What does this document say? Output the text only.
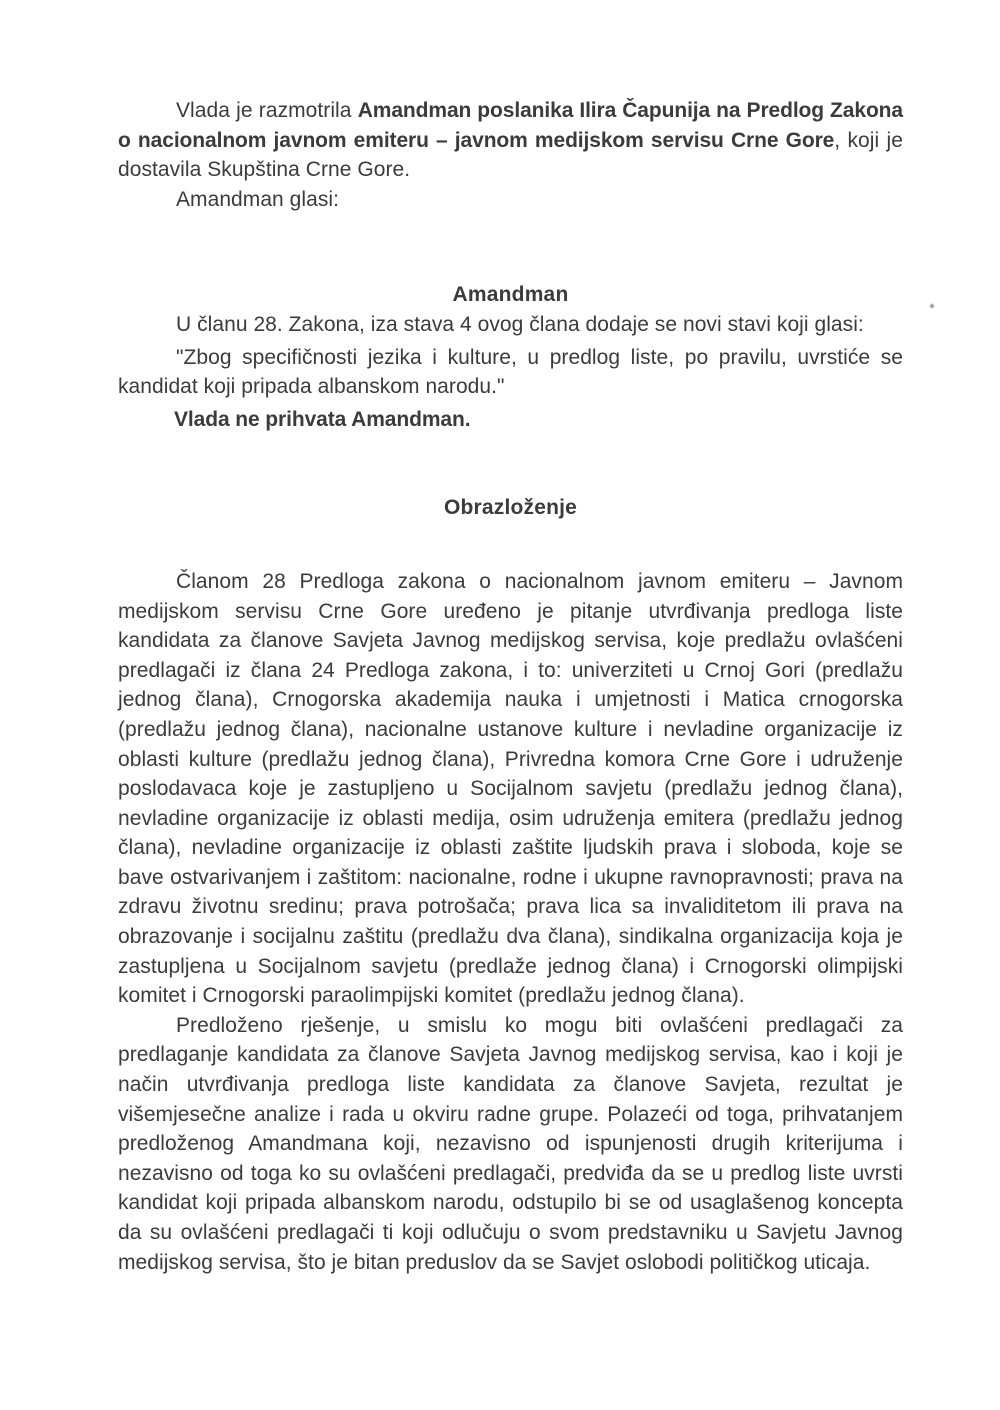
Vlada je razmotrila Amandman poslanika Ilira Čapunija na Predlog Zakona o nacionalnom javnom emiteru – javnom medijskom servisu Crne Gore, koji je dostavila Skupština Crne Gore.

Amandman glasi:

Amandman

U članu 28. Zakona, iza stava 4 ovog člana dodaje se novi stavi koji glasi:

"Zbog specifičnosti jezika i kulture, u predlog liste, po pravilu, uvrstiće se kandidat koji pripada albanskom narodu."

Vlada ne prihvata Amandman.

Obrazloženje

Članom 28 Predloga zakona o nacionalnom javnom emiteru – Javnom medijskom servisu Crne Gore uređeno je pitanje utvrđivanja predloga liste kandidata za članove Savjeta Javnog medijskog servisa, koje predlažu ovlašćeni predlagači iz člana 24 Predloga zakona, i to: univerziteti u Crnoj Gori (predlažu jednog člana), Crnogorska akademija nauka i umjetnosti i Matica crnogorska (predlažu jednog člana), nacionalne ustanove kulture i nevladine organizacije iz oblasti kulture (predlažu jednog člana), Privredna komora Crne Gore i udruženje poslodavaca koje je zastupljeno u Socijalnom savjetu (predlažu jednog člana), nevladine organizacije iz oblasti medija, osim udruženja emitera (predlažu jednog člana), nevladine organizacije iz oblasti zaštite ljudskih prava i sloboda, koje se bave ostvarivanjem i zaštitom: nacionalne, rodne i ukupne ravnopravnosti; prava na zdravu životnu sredinu; prava potrošača; prava lica sa invaliditetom ili prava na obrazovanje i socijalnu zaštitu (predlažu dva člana), sindikalna organizacija koja je zastupljena u Socijalnom savjetu (predlaže jednog člana) i Crnogorski olimpijski komitet i Crnogorski paraolimpijski komitet (predlažu jednog člana).

Predloženo rješenje, u smislu ko mogu biti ovlašćeni predlagači za predlaganje kandidata za članove Savjeta Javnog medijskog servisa, kao i koji je način utvrđivanja predloga liste kandidata za članove Savjeta, rezultat je višemjesečne analize i rada u okviru radne grupe. Polazeći od toga, prihvatanjem predloženog Amandmana koji, nezavisno od ispunjenosti drugih kriterijuma i nezavisno od toga ko su ovlašćeni predlagači, predviđa da se u predlog liste uvrsti kandidat koji pripada albanskom narodu, odstupilo bi se od usaglašenog koncepta da su ovlašćeni predlagači ti koji odlučuju o svom predstavniku u Savjetu Javnog medijskog servisa, što je bitan preduslov da se Savjet oslobodi političkog uticaja.
